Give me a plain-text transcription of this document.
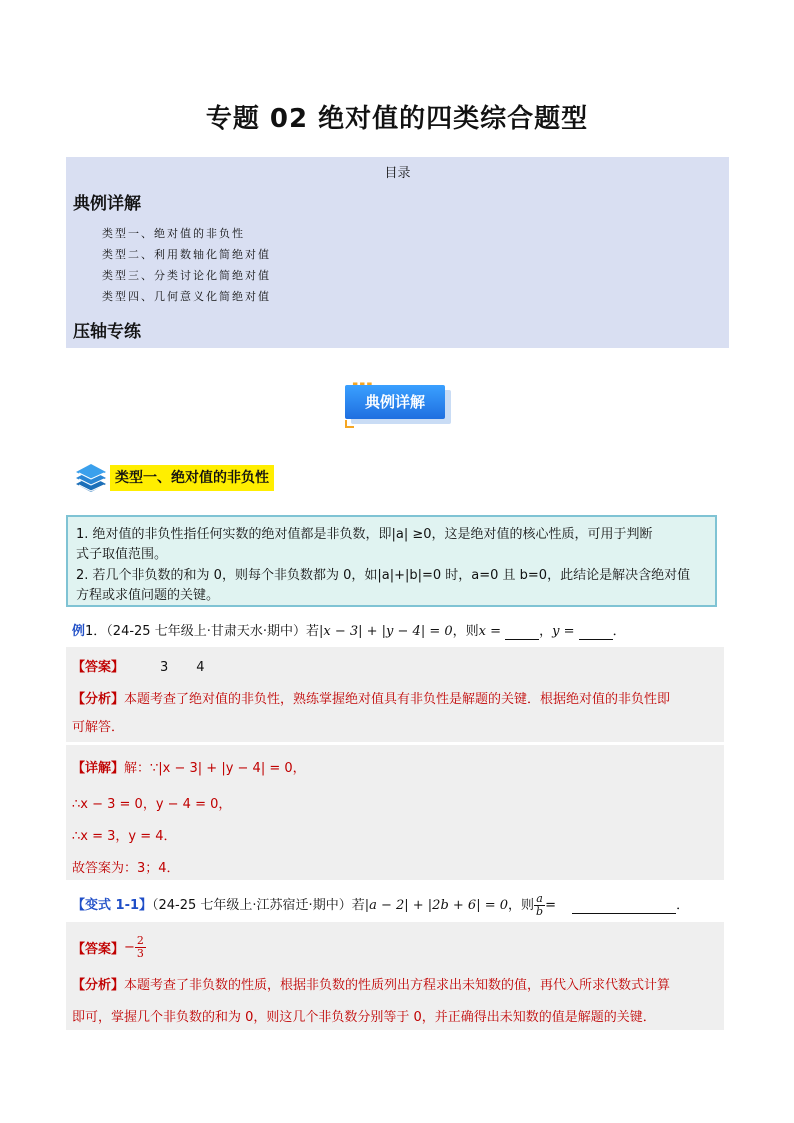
专题 02 绝对值的四类综合题型
目录
典例详解
类型一、绝对值的非负性
类型二、利用数轴化简绝对值
类型三、分类讨论化简绝对值
类型四、几何意义化简绝对值
压轴专练
典例详解
类型一、绝对值的非负性
1. 绝对值的非负性指任何实数的绝对值都是非负数，即|a| ≥0，这是绝对值的核心性质，可用于判断
式子取值范围。
2. 若几个非负数的和为 0，则每个非负数都为 0，如|a|+|b|=0 时，a=0 且 b=0，此结论是解决含绝对值
方程或求值问题的关键。
例1．（24-25 七年级上·甘肃天水·期中）若|x − 3| + |y − 4| = 0，则x =	，y =	．
【答案】	3 4
【分析】本题考查了绝对值的非负性，熟练掌握绝对值具有非负性是解题的关键．根据绝对值的非负性即
可解答．
【详解】解：∵|x − 3| + |y − 4| = 0，
∴x − 3 = 0，y − 4 = 0，
∴x = 3，y = 4．
故答案为：3；4．
【变式 1-1】（24-25 七年级上·江苏宿迁·期中）若|a − 2| + |2b + 6| = 0，则 $\frac{a}{b}$ =	．
【答案】− $\frac{2}{3}$
【分析】本题考查了非负数的性质，根据非负数的性质列出方程求出未知数的值，再代入所求代数式计算
即可，掌握几个非负数的和为 0，则这几个非负数分别等于 0，并正确得出未知数的值是解题的关键．
